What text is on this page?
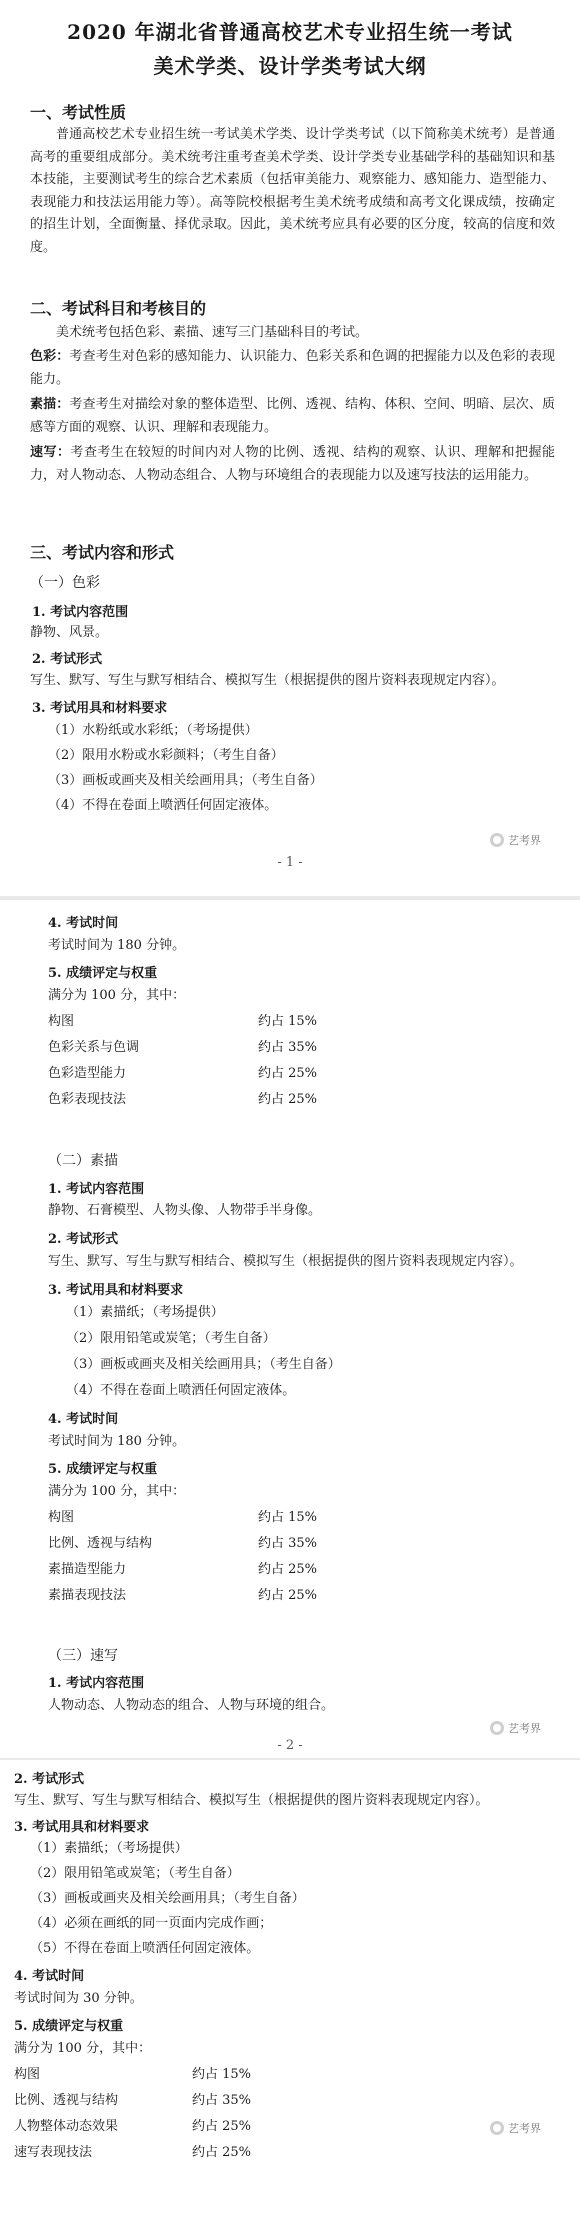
2020 年湖北省普通高校艺术专业招生统一考试
美术学类、设计学类考试大纲
一、考试性质
普通高校艺术专业招生统一考试美术学类、设计学类考试（以下简称美术统考）是普通高考的重要组成部分。美术统考注重考查美术学类、设计学类专业基础学科的基础知识和基本技能，主要测试考生的综合艺术素质（包括审美能力、观察能力、感知能力、造型能力、表现能力和技法运用能力等）。高等院校根据考生美术统考成绩和高考文化课成绩，按确定的招生计划，全面衡量、择优录取。因此，美术统考应具有必要的区分度，较高的信度和效度。
二、考试科目和考核目的
美术统考包括色彩、素描、速写三门基础科目的考试。
色彩：考查考生对色彩的感知能力、认识能力、色彩关系和色调的把握能力以及色彩的表现能力。
素描：考查考生对描绘对象的整体造型、比例、透视、结构、体积、空间、明暗、层次、质感等方面的观察、认识、理解和表现能力。
速写：考查考生在较短的时间内对人物的比例、透视、结构的观察、认识、理解和把握能力，对人物动态、人物动态组合、人物与环境组合的表现能力以及速写技法的运用能力。
三、考试内容和形式
（一）色彩
1. 考试内容范围
静物、风景。
2. 考试形式
写生、默写、写生与默写相结合、模拟写生（根据提供的图片资料表现规定内容）。
3. 考试用具和材料要求
（1）水粉纸或水彩纸；（考场提供）
（2）限用水粉或水彩颜料；（考生自备）
（3）画板或画夹及相关绘画用具；（考生自备）
（4）不得在卷面上喷洒任何固定液体。
艺考界
- 1 -
4. 考试时间
考试时间为 180 分钟。
5. 成绩评定与权重
满分为 100 分，其中：
构图	约占 15%
色彩关系与色调	约占 35%
色彩造型能力	约占 25%
色彩表现技法	约占 25%
（二）素描
1. 考试内容范围
静物、石膏模型、人物头像、人物带手半身像。
2. 考试形式
写生、默写、写生与默写相结合、模拟写生（根据提供的图片资料表现规定内容）。
3. 考试用具和材料要求
（1）素描纸；（考场提供）
（2）限用铅笔或炭笔；（考生自备）
（3）画板或画夹及相关绘画用具；（考生自备）
（4）不得在卷面上喷洒任何固定液体。
4. 考试时间
考试时间为 180 分钟。
5. 成绩评定与权重
满分为 100 分，其中：
构图	约占 15%
比例、透视与结构	约占 35%
素描造型能力	约占 25%
素描表现技法	约占 25%
（三）速写
1. 考试内容范围
人物动态、人物动态的组合、人物与环境的组合。
艺考界
- 2 -
2. 考试形式
写生、默写、写生与默写相结合、模拟写生（根据提供的图片资料表现规定内容）。
3. 考试用具和材料要求
（1）素描纸；（考场提供）
（2）限用铅笔或炭笔；（考生自备）
（3）画板或画夹及相关绘画用具；（考生自备）
（4）必须在画纸的同一页面内完成作画；
（5）不得在卷面上喷洒任何固定液体。
4. 考试时间
考试时间为 30 分钟。
5. 成绩评定与权重
满分为 100 分，其中：
构图	约占 15%
比例、透视与结构	约占 35%
人物整体动态效果	约占 25%
速写表现技法	约占 25%
艺考界
